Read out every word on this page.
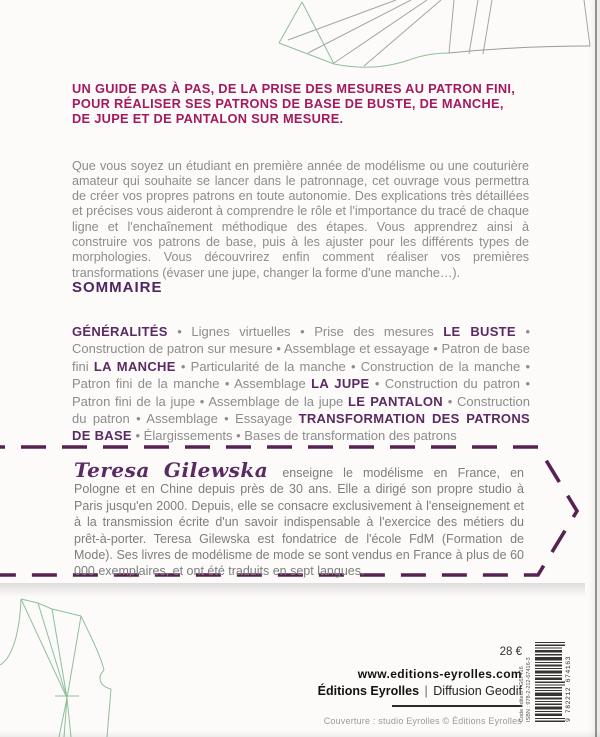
UN GUIDE PAS À PAS, DE LA PRISE DES MESURES AU PATRON FINI,
POUR RÉALISER SES PATRONS DE BASE DE BUSTE, DE MANCHE,
DE JUPE ET DE PANTALON SUR MESURE.

Que vous soyez un étudiant en première année de modélisme ou une couturière amateur qui souhaite se lancer dans le patronnage, cet ouvrage vous permettra de créer vos propres patrons en toute autonomie. Des explications très détaillées et précises vous aideront à comprendre le rôle et l'importance du tracé de chaque ligne et l'enchaînement méthodique des étapes. Vous apprendrez ainsi à construire vos patrons de base, puis à les ajuster pour les différents types de morphologies. Vous découvrirez enfin comment réaliser vos premières transformations (évaser une jupe, changer la forme d'une manche…).

SOMMAIRE

GÉNÉRALITÉS • Lignes virtuelles • Prise des mesures LE BUSTE • Construction de patron sur mesure • Assemblage et essayage • Patron de base fini LA MANCHE • Particularité de la manche • Construction de la manche • Patron fini de la manche • Assemblage LA JUPE • Construction du patron • Patron fini de la jupe • Assemblage de la jupe LE PANTALON • Construction du patron • Assemblage • Essayage TRANSFORMATION DES PATRONS DE BASE • Élargissements • Bases de transformation des patrons

Teresa Gilewska enseigne le modélisme en France, en Pologne et en Chine depuis près de 30 ans. Elle a dirigé son propre studio à Paris jusqu'en 2000. Depuis, elle se consacre exclusivement à l'enseignement et à la transmission écrite d'un savoir indispensable à l'exercice des métiers du prêt-à-porter. Teresa Gilewska est fondatrice de l'école FdM (Formation de Mode). Ses livres de modélisme de mode se sont vendus en France à plus de 60 000 exemplaires, et ont été traduits en sept langues.
28 €
www.editions-eyrolles.com
Éditions Eyrolles | Diffusion Geodif
Couverture : studio Eyrolles © Éditions Eyrolles
Code éditeur : G67416 ISBN : 978-2-212-67416-3	9 782212 674163
